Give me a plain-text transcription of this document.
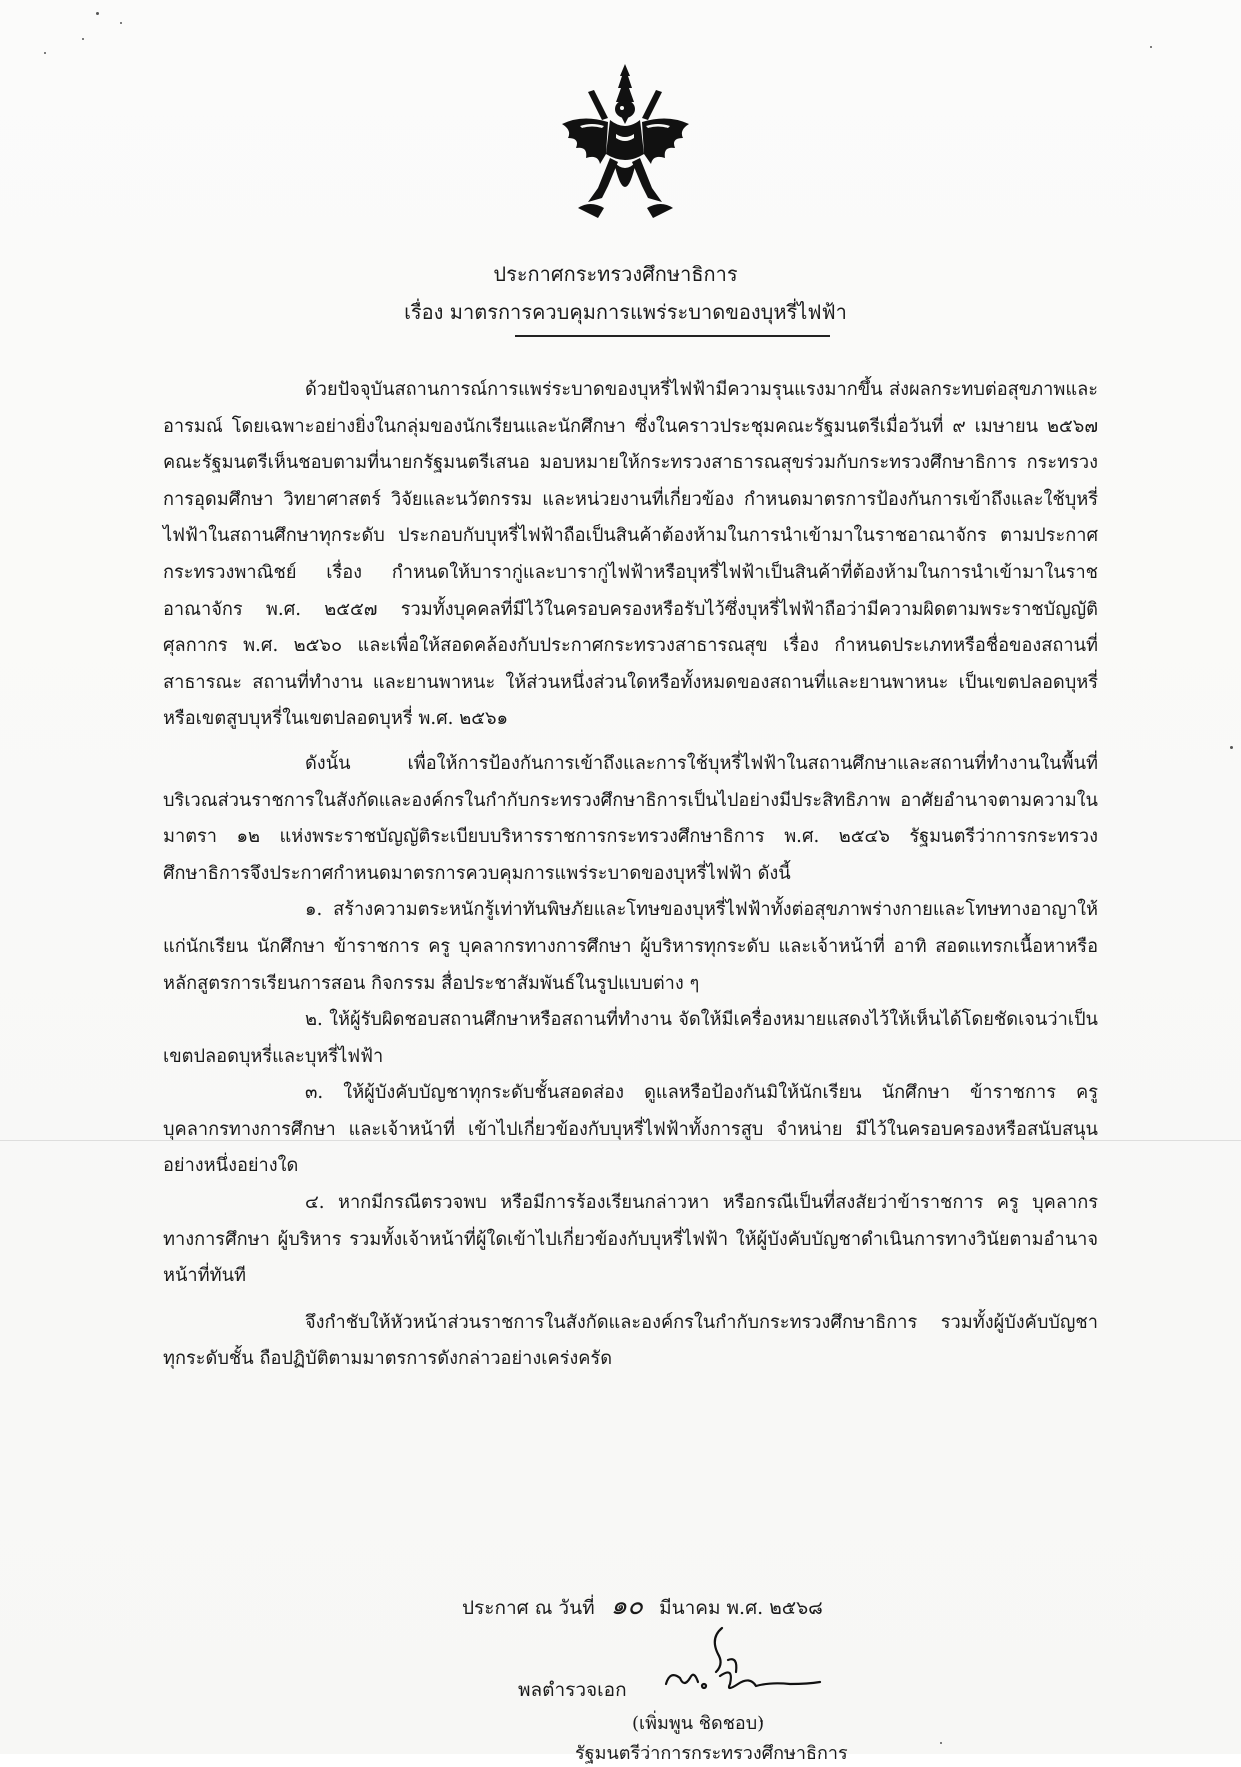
ประกาศกระทรวงศึกษาธิการ
เรื่อง มาตรการควบคุมการแพร่ระบาดของบุหรี่ไฟฟ้า

ด้วยปัจจุบันสถานการณ์การแพร่ระบาดของบุหรี่ไฟฟ้ามีความรุนแรงมากขึ้น ส่งผลกระทบต่อสุขภาพและอารมณ์ โดยเฉพาะอย่างยิ่งในกลุ่มของนักเรียนและนักศึกษา ซึ่งในคราวประชุมคณะรัฐมนตรีเมื่อวันที่ ๙ เมษายน ๒๕๖๗ คณะรัฐมนตรีเห็นชอบตามที่นายกรัฐมนตรีเสนอ มอบหมายให้กระทรวงสาธารณสุขร่วมกับกระทรวงศึกษาธิการ กระทรวงการอุดมศึกษา วิทยาศาสตร์ วิจัยและนวัตกรรม และหน่วยงานที่เกี่ยวข้อง กำหนดมาตรการป้องกันการเข้าถึงและใช้บุหรี่ไฟฟ้าในสถานศึกษาทุกระดับ ประกอบกับบุหรี่ไฟฟ้าถือเป็นสินค้าต้องห้ามในการนำเข้ามาในราชอาณาจักร ตามประกาศกระทรวงพาณิชย์ เรื่อง กำหนดให้บารากู่และบารากู่ไฟฟ้าหรือบุหรี่ไฟฟ้าเป็นสินค้าที่ต้องห้ามในการนำเข้ามาในราชอาณาจักร พ.ศ. ๒๕๕๗ รวมทั้งบุคคลที่มีไว้ในครอบครองหรือรับไว้ซึ่งบุหรี่ไฟฟ้าถือว่ามีความผิดตามพระราชบัญญัติศุลกากร พ.ศ. ๒๕๖๐ และเพื่อให้สอดคล้องกับประกาศกระทรวงสาธารณสุข เรื่อง กำหนดประเภทหรือชื่อของสถานที่สาธารณะ สถานที่ทำงาน และยานพาหนะ ให้ส่วนหนึ่งส่วนใดหรือทั้งหมดของสถานที่และยานพาหนะ เป็นเขตปลอดบุหรี่หรือเขตสูบบุหรี่ในเขตปลอดบุหรี่ พ.ศ. ๒๕๖๑

ดังนั้น เพื่อให้การป้องกันการเข้าถึงและการใช้บุหรี่ไฟฟ้าในสถานศึกษาและสถานที่ทำงานในพื้นที่บริเวณส่วนราชการในสังกัดและองค์กรในกำกับกระทรวงศึกษาธิการเป็นไปอย่างมีประสิทธิภาพ อาศัยอำนาจตามความในมาตรา ๑๒ แห่งพระราชบัญญัติระเบียบบริหารราชการกระทรวงศึกษาธิการ พ.ศ. ๒๕๔๖ รัฐมนตรีว่าการกระทรวงศึกษาธิการจึงประกาศกำหนดมาตรการควบคุมการแพร่ระบาดของบุหรี่ไฟฟ้า ดังนี้

๑. สร้างความตระหนักรู้เท่าทันพิษภัยและโทษของบุหรี่ไฟฟ้าทั้งต่อสุขภาพร่างกายและโทษทางอาญาให้แก่นักเรียน นักศึกษา ข้าราชการ ครู บุคลากรทางการศึกษา ผู้บริหารทุกระดับ และเจ้าหน้าที่ อาทิ สอดแทรกเนื้อหาหรือหลักสูตรการเรียนการสอน กิจกรรม สื่อประชาสัมพันธ์ในรูปแบบต่าง ๆ

๒. ให้ผู้รับผิดชอบสถานศึกษาหรือสถานที่ทำงาน จัดให้มีเครื่องหมายแสดงไว้ให้เห็นได้โดยชัดเจนว่าเป็นเขตปลอดบุหรี่และบุหรี่ไฟฟ้า

๓. ให้ผู้บังคับบัญชาทุกระดับชั้นสอดส่อง ดูแลหรือป้องกันมิให้นักเรียน นักศึกษา ข้าราชการ ครู บุคลากรทางการศึกษา และเจ้าหน้าที่ เข้าไปเกี่ยวข้องกับบุหรี่ไฟฟ้าทั้งการสูบ จำหน่าย มีไว้ในครอบครองหรือสนับสนุนอย่างหนึ่งอย่างใด

๔. หากมีกรณีตรวจพบ หรือมีการร้องเรียนกล่าวหา หรือกรณีเป็นที่สงสัยว่าข้าราชการ ครู บุคลากรทางการศึกษา ผู้บริหาร รวมทั้งเจ้าหน้าที่ผู้ใดเข้าไปเกี่ยวข้องกับบุหรี่ไฟฟ้า ให้ผู้บังคับบัญชาดำเนินการทางวินัยตามอำนาจหน้าที่ทันที

จึงกำชับให้หัวหน้าส่วนราชการในสังกัดและองค์กรในกำกับกระทรวงศึกษาธิการ รวมทั้งผู้บังคับบัญชาทุกระดับชั้น ถือปฏิบัติตามมาตรการดังกล่าวอย่างเคร่งครัด

ประกาศ ณ วันที่ ๑๐ มีนาคม พ.ศ. ๒๕๖๘
พลตำรวจเอก
(เพิ่มพูน ชิดชอบ)
รัฐมนตรีว่าการกระทรวงศึกษาธิการ
